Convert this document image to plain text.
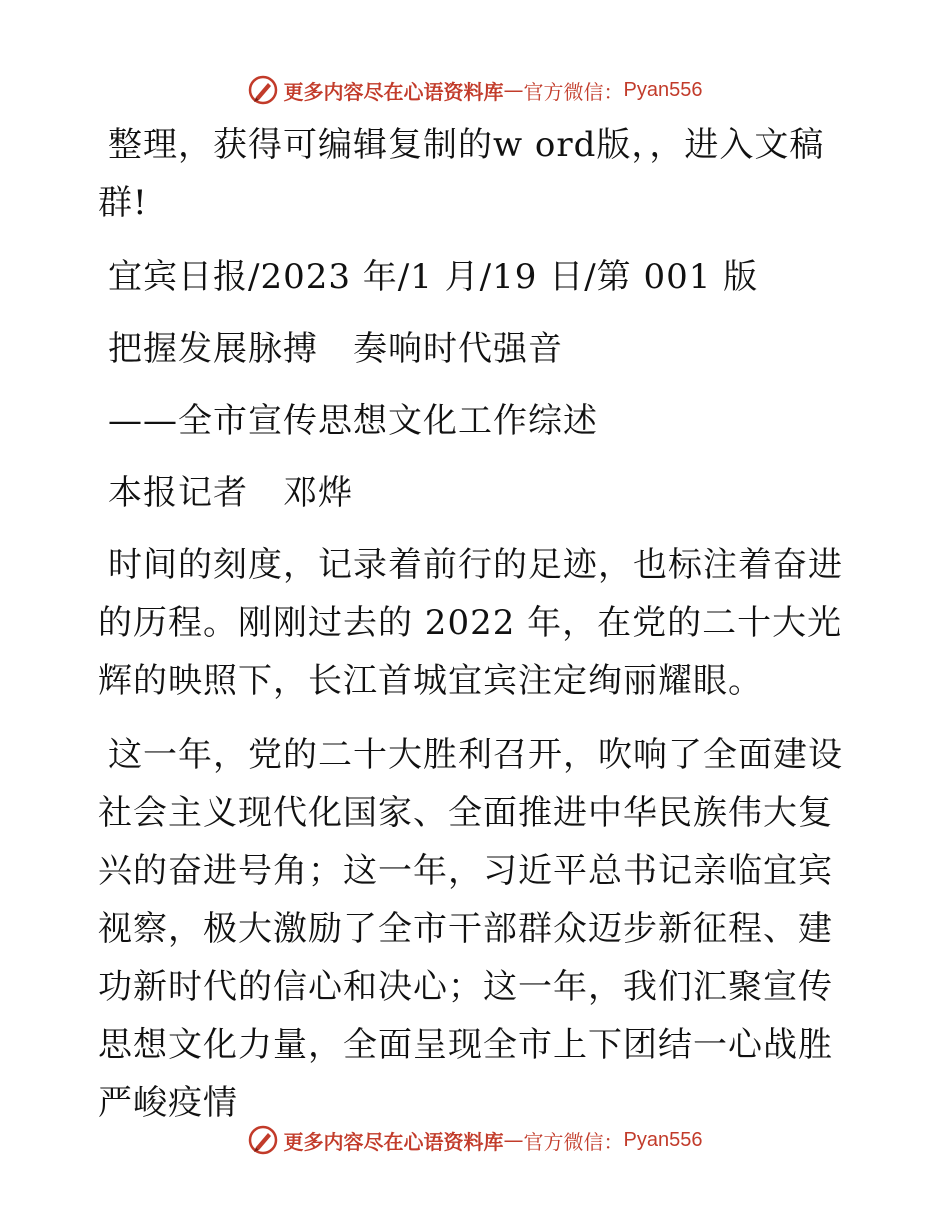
更多内容尽在心语资料库 — 官方微信： Pyan556

整理，获得可编辑复制的w ord版，，进入文稿群!

宜宾日报/2023 年/1 月/19 日/第 001 版

把握发展脉搏　奏响时代强音

——全市宣传思想文化工作综述

本报记者　邓烨

时间的刻度，记录着前行的足迹，也标注着奋进的历程。刚刚过去的 2022 年，在党的二十大光辉的映照下，长江首城宜宾注定绚丽耀眼。

这一年，党的二十大胜利召开，吹响了全面建设社会主义现代化国家、全面推进中华民族伟大复兴的奋进号角；这一年，习近平总书记亲临宜宾视察，极大激励了全市干部群众迈步新征程、建功新时代的信心和决心；这一年，我们汇聚宣传思想文化力量，全面呈现全市上下团结一心战胜严峻疫情

更多内容尽在心语资料库 — 官方微信： Pyan556
